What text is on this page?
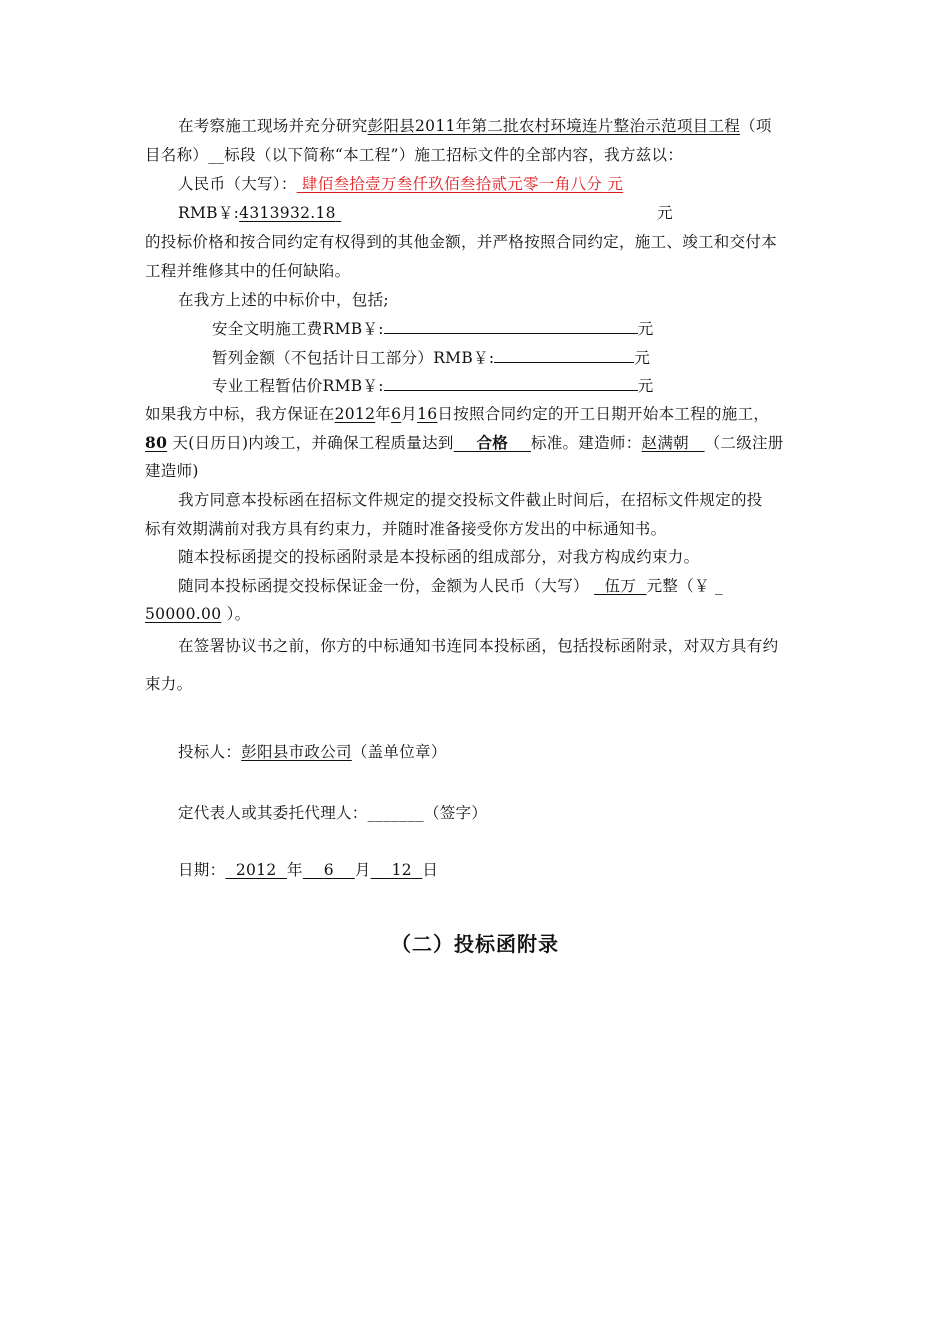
在考察施工现场并充分研究彭阳县2011年第二批农村环境连片整治示范项目工程（项
目名称）__标段（以下简称“本工程”）施工招标文件的全部内容，我方兹以：
人民币（大写）： 肆佰叁拾壹万叁仟玖佰叁拾贰元零一角八分 元
RMB￥:4313932.18	元
的投标价格和按合同约定有权得到的其他金额，并严格按照合同约定，施工、竣工和交付本
工程并维修其中的任何缺陷。
在我方上述的中标价中，包括;
安全文明施工费RMB￥:	元
暂列金额（不包括计日工部分）RMB￥:	元
专业工程暂估价RMB￥:	元
如果我方中标，我方保证在2012年6月16日按照合同约定的开工日期开始本工程的施工，
80 天(日历日)内竣工，并确保工程质量达到 合格 标准。建造师：赵满朝 （二级注册
建造师)
我方同意本投标函在招标文件规定的提交投标文件截止时间后，在招标文件规定的投
标有效期满前对我方具有约束力，并随时准备接受你方发出的中标通知书。
随本投标函提交的投标函附录是本投标函的组成部分，对我方构成约束力。
随同本投标函提交投标保证金一份，金额为人民币（大写） 伍万 元整（￥ _
50000.00 ）。
在签署协议书之前，你方的中标通知书连同本投标函，包括投标函附录，对双方具有约
束力。
投标人：彭阳县市政公司（盖单位章）
定代表人或其委托代理人：_______（签字）
日期： 2012 年 6 月 12 日
（二）投标函附录
